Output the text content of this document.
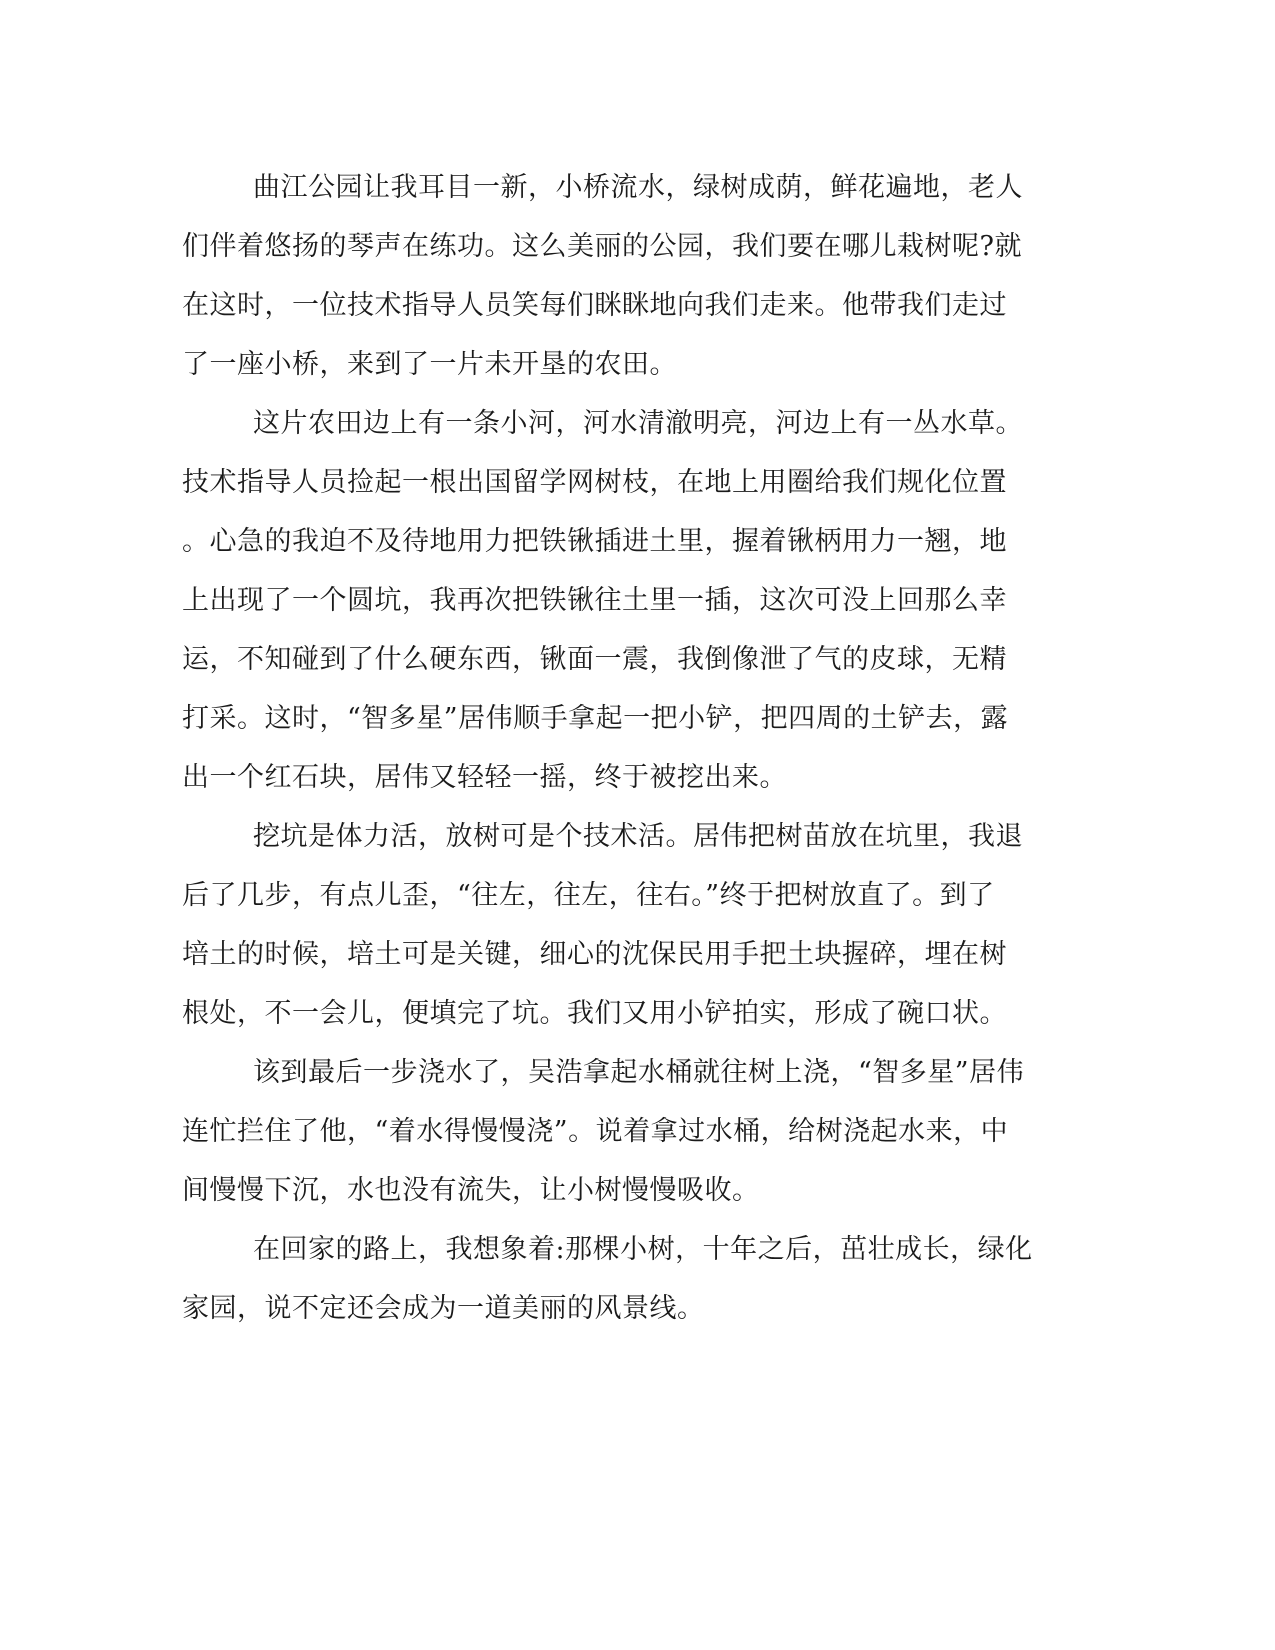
曲江公园让我耳目一新，小桥流水，绿树成荫，鲜花遍地，老人
们伴着悠扬的琴声在练功。这么美丽的公园，我们要在哪儿栽树呢?就
在这时，一位技术指导人员笑每们眯眯地向我们走来。他带我们走过
了一座小桥，来到了一片未开垦的农田。
这片农田边上有一条小河，河水清澈明亮，河边上有一丛水草。
技术指导人员捡起一根出国留学网树枝，在地上用圈给我们规化位置
。心急的我迫不及待地用力把铁锹插进土里，握着锹柄用力一翘，地
上出现了一个圆坑，我再次把铁锹往土里一插，这次可没上回那么幸
运，不知碰到了什么硬东西，锹面一震，我倒像泄了气的皮球，无精
打采。这时，“智多星”居伟顺手拿起一把小铲，把四周的土铲去，露
出一个红石块，居伟又轻轻一摇，终于被挖出来。
挖坑是体力活，放树可是个技术活。居伟把树苗放在坑里，我退
后了几步，有点儿歪，“往左，往左，往右。”终于把树放直了。到了
培土的时候，培土可是关键，细心的沈保民用手把土块握碎，埋在树
根处，不一会儿，便填完了坑。我们又用小铲拍实，形成了碗口状。
该到最后一步浇水了，吴浩拿起水桶就往树上浇，“智多星”居伟
连忙拦住了他，“着水得慢慢浇”。说着拿过水桶，给树浇起水来，中
间慢慢下沉，水也没有流失，让小树慢慢吸收。
在回家的路上，我想象着:那棵小树，十年之后，茁壮成长，绿化
家园，说不定还会成为一道美丽的风景线。
